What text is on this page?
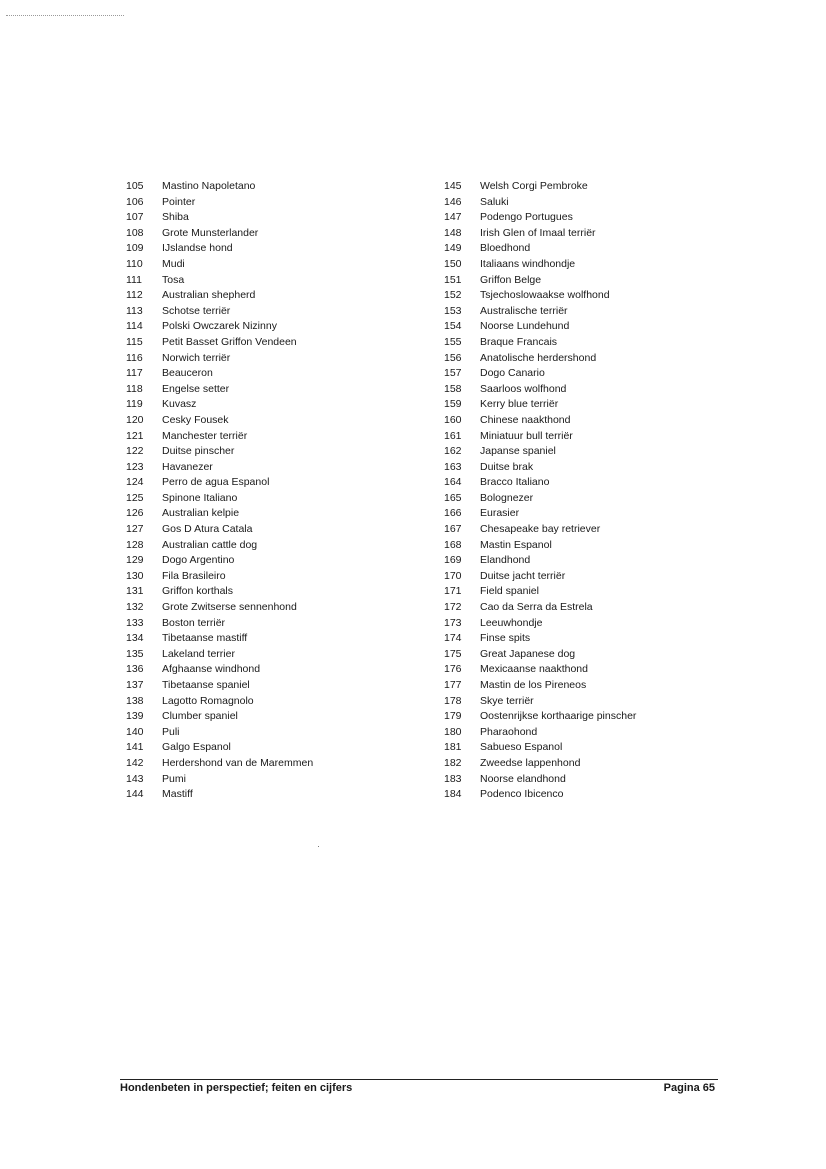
105	Mastino Napoletano
106	Pointer
107	Shiba
108	Grote Munsterlander
109	IJslandse hond
110	Mudi
111	Tosa
112	Australian shepherd
113	Schotse terriër
114	Polski Owczarek Nizinny
115	Petit Basset Griffon Vendeen
116	Norwich terriër
117	Beauceron
118	Engelse setter
119	Kuvasz
120	Cesky Fousek
121	Manchester terriër
122	Duitse pinscher
123	Havanezer
124	Perro de agua Espanol
125	Spinone Italiano
126	Australian kelpie
127	Gos D Atura Catala
128	Australian cattle dog
129	Dogo Argentino
130	Fila Brasileiro
131	Griffon korthals
132	Grote Zwitserse sennenhond
133	Boston terriër
134	Tibetaanse mastiff
135	Lakeland terrier
136	Afghaanse windhond
137	Tibetaanse spaniel
138	Lagotto Romagnolo
139	Clumber spaniel
140	Puli
141	Galgo Espanol
142	Herdershond van de Maremmen
143	Pumi
144	Mastiff
145	Welsh Corgi Pembroke
146	Saluki
147	Podengo Portugues
148	Irish Glen of Imaal terriër
149	Bloedhond
150	Italiaans windhondje
151	Griffon Belge
152	Tsjechoslowaakse wolfhond
153	Australische terriër
154	Noorse Lundehund
155	Braque Francais
156	Anatolische herdershond
157	Dogo Canario
158	Saarloos wolfhond
159	Kerry blue terriër
160	Chinese naakthond
161	Miniatuur bull terriër
162	Japanse spaniel
163	Duitse brak
164	Bracco Italiano
165	Bolognezer
166	Eurasier
167	Chesapeake bay retriever
168	Mastin Espanol
169	Elandhond
170	Duitse jacht terriër
171	Field spaniel
172	Cao da Serra da Estrela
173	Leeuwhondje
174	Finse spits
175	Great Japanese dog
176	Mexicaanse naakthond
177	Mastin de los Pireneos
178	Skye terriër
179	Oostenrijkse korthaarige pinscher
180	Pharaohond
181	Sabueso Espanol
182	Zweedse lappenhond
183	Noorse elandhond
184	Podenco Ibicenco
Hondenbeten in perspectief; feiten en cijfers	Pagina 65
